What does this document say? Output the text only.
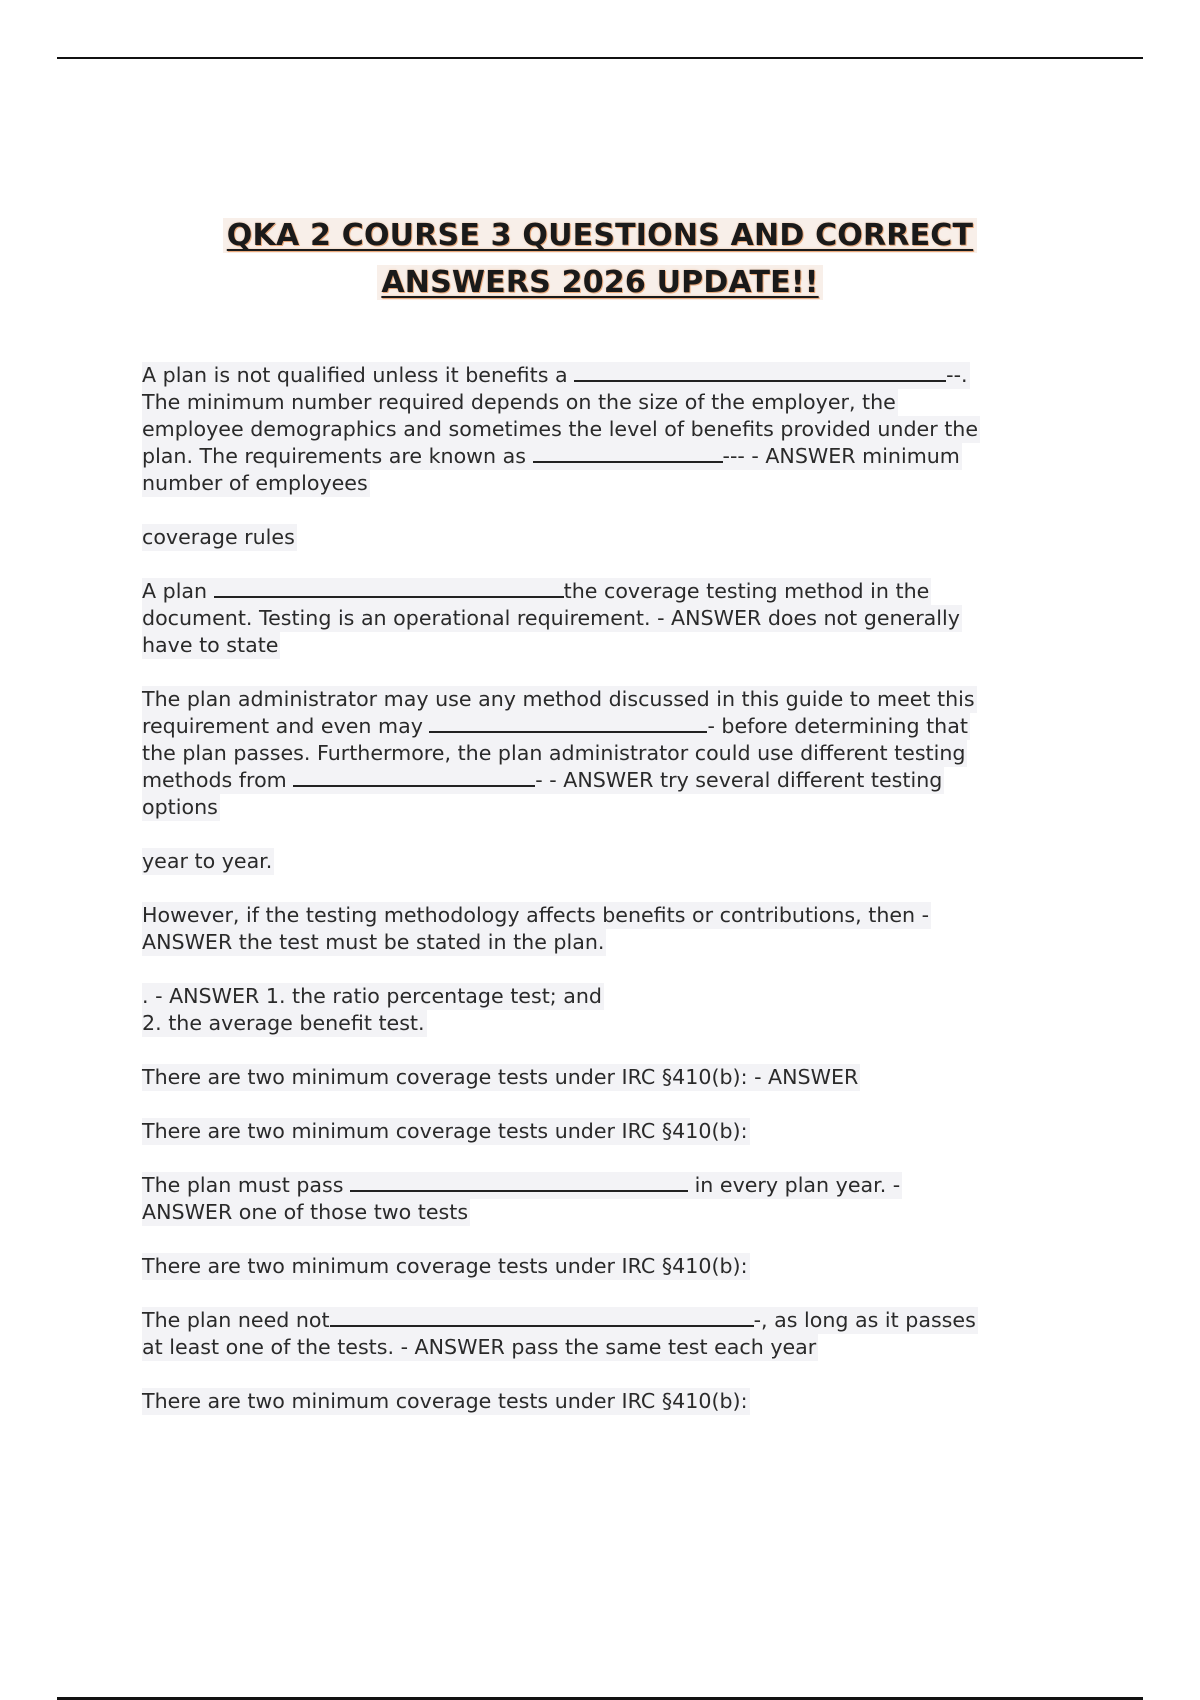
QKA 2 COURSE 3 QUESTIONS AND CORRECT
ANSWERS 2026 UPDATE!!
A plan is not qualified unless it benefits a	--.
The minimum number required depends on the size of the employer, the
employee demographics and sometimes the level of benefits provided under the
plan. The requirements are known as	--- - ANSWER minimum
number of employees
coverage rules
A plan	the coverage testing method in the
document. Testing is an operational requirement. - ANSWER does not generally
have to state
The plan administrator may use any method discussed in this guide to meet this
requirement and even may	- before determining that
the plan passes. Furthermore, the plan administrator could use different testing
methods from	- - ANSWER try several different testing
options
year to year.
However, if the testing methodology affects benefits or contributions, then -
ANSWER the test must be stated in the plan.
. - ANSWER 1. the ratio percentage test; and
2. the average benefit test.
There are two minimum coverage tests under IRC §410(b): - ANSWER
There are two minimum coverage tests under IRC §410(b):
The plan must pass	in every plan year. -
ANSWER one of those two tests
There are two minimum coverage tests under IRC §410(b):
The plan need not	-, as long as it passes
at least one of the tests. - ANSWER pass the same test each year
There are two minimum coverage tests under IRC §410(b):
